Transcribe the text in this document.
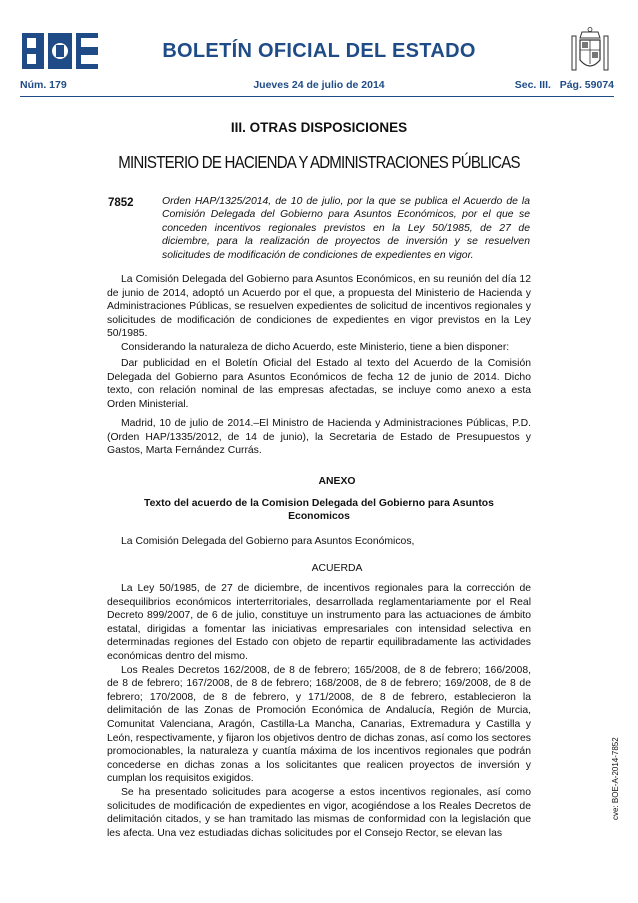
BOLETÍN OFICIAL DEL ESTADO
Núm. 179	Jueves 24 de julio de 2014	Sec. III. Pág. 59074
III. OTRAS DISPOSICIONES
MINISTERIO DE HACIENDA Y ADMINISTRACIONES PÚBLICAS
7852	Orden HAP/1325/2014, de 10 de julio, por la que se publica el Acuerdo de la Comisión Delegada del Gobierno para Asuntos Económicos, por el que se conceden incentivos regionales previstos en la Ley 50/1985, de 27 de diciembre, para la realización de proyectos de inversión y se resuelven solicitudes de modificación de condiciones de expedientes en vigor.

La Comisión Delegada del Gobierno para Asuntos Económicos, en su reunión del día 12 de junio de 2014, adoptó un Acuerdo por el que, a propuesta del Ministerio de Hacienda y Administraciones Públicas, se resuelven expedientes de solicitud de incentivos regionales y solicitudes de modificación de condiciones de expedientes en vigor previstos en la Ley 50/1985.

Considerando la naturaleza de dicho Acuerdo, este Ministerio, tiene a bien disponer:

Dar publicidad en el Boletín Oficial del Estado al texto del Acuerdo de la Comisión Delegada del Gobierno para Asuntos Económicos de fecha 12 de junio de 2014. Dicho texto, con relación nominal de las empresas afectadas, se incluye como anexo a esta Orden Ministerial.

Madrid, 10 de julio de 2014.–El Ministro de Hacienda y Administraciones Públicas, P.D. (Orden HAP/1335/2012, de 14 de junio), la Secretaria de Estado de Presupuestos y Gastos, Marta Fernández Currás.

ANEXO
Texto del acuerdo de la Comision Delegada del Gobierno para Asuntos Economicos

La Comisión Delegada del Gobierno para Asuntos Económicos,

ACUERDA

La Ley 50/1985, de 27 de diciembre, de incentivos regionales para la corrección de desequilibrios económicos interterritoriales, desarrollada reglamentariamente por el Real Decreto 899/2007, de 6 de julio, constituye un instrumento para las actuaciones de ámbito estatal, dirigidas a fomentar las iniciativas empresariales con intensidad selectiva en determinadas regiones del Estado con objeto de repartir equilibradamente las actividades económicas dentro del mismo.

Los Reales Decretos 162/2008, de 8 de febrero; 165/2008, de 8 de febrero; 166/2008, de 8 de febrero; 167/2008, de 8 de febrero; 168/2008, de 8 de febrero; 169/2008, de 8 de febrero; 170/2008, de 8 de febrero, y 171/2008, de 8 de febrero, establecieron la delimitación de las Zonas de Promoción Económica de Andalucía, Región de Murcia, Comunitat Valenciana, Aragón, Castilla-La Mancha, Canarias, Extremadura y Castilla y León, respectivamente, y fijaron los objetivos dentro de dichas zonas, así como los sectores promocionables, la naturaleza y cuantía máxima de los incentivos regionales que podrán concederse en dichas zonas a los solicitantes que realicen proyectos de inversión y cumplan los requisitos exigidos.

Se ha presentado solicitudes para acogerse a estos incentivos regionales, así como solicitudes de modificación de expedientes en vigor, acogiéndose a los Reales Decretos de delimitación citados, y se han tramitado las mismas de conformidad con la legislación que les afecta. Una vez estudiadas dichas solicitudes por el Consejo Rector, se elevan las

cve: BOE-A-2014-7852
